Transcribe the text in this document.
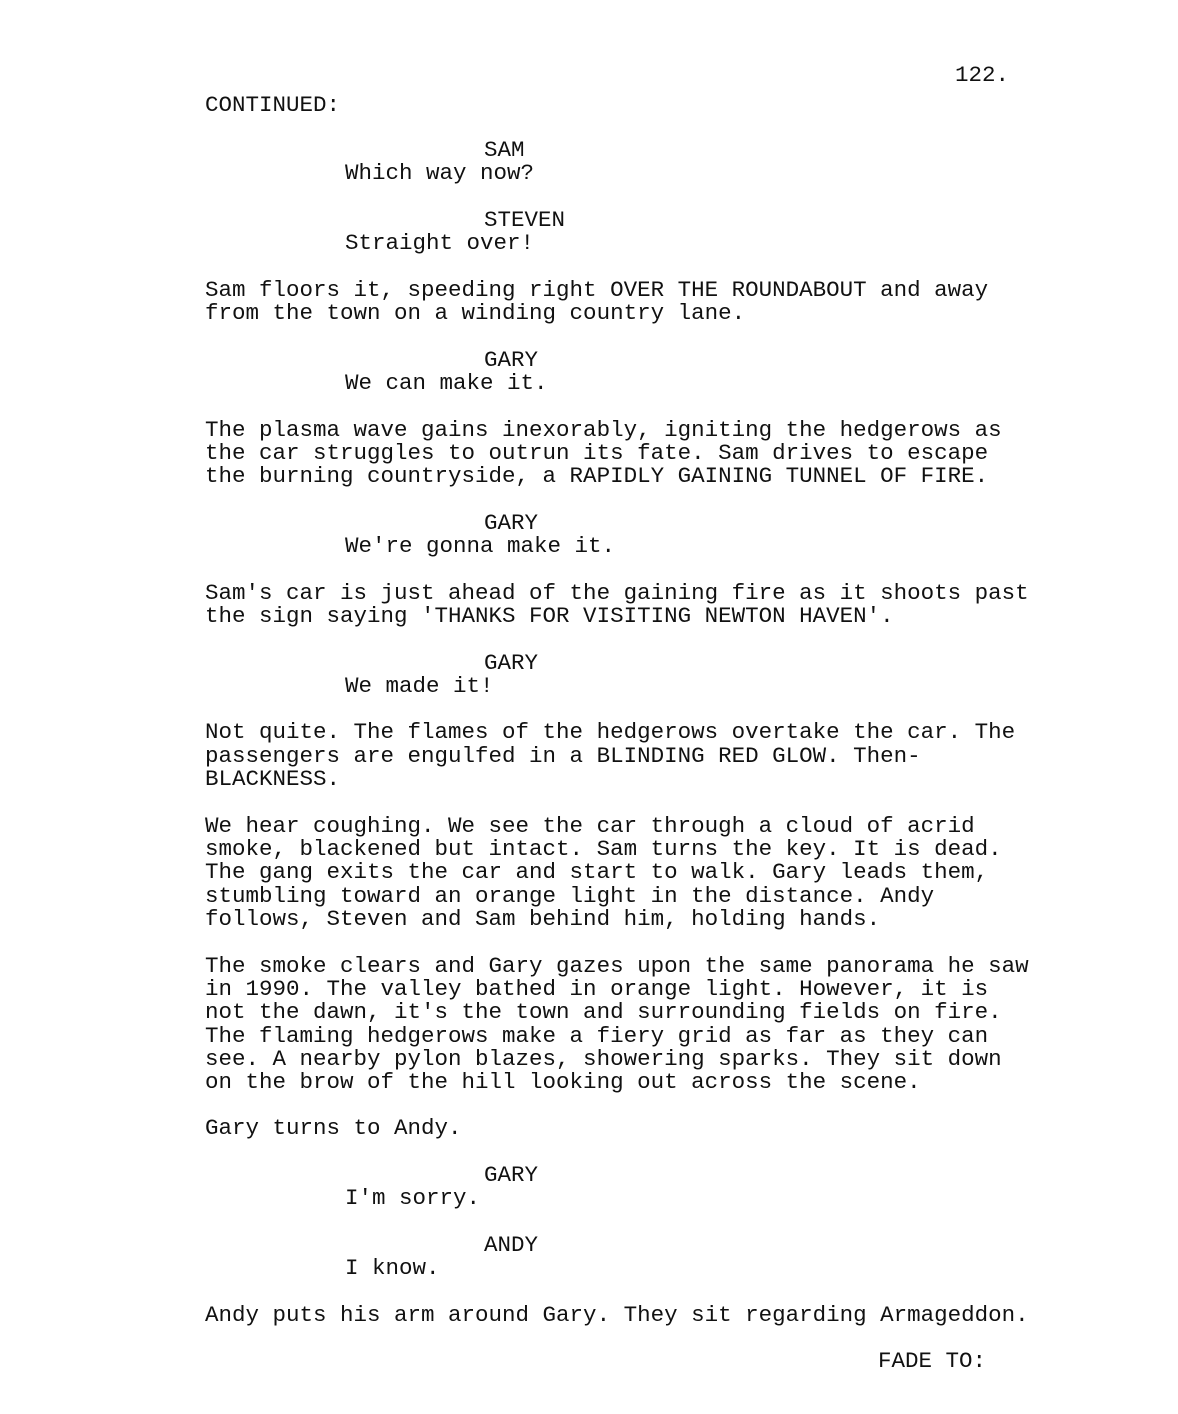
122.
CONTINUED:
SAM
Which way now?
STEVEN
Straight over!
Sam floors it, speeding right OVER THE ROUNDABOUT and away
from the town on a winding country lane.
GARY
We can make it.
The plasma wave gains inexorably, igniting the hedgerows as
the car struggles to outrun its fate. Sam drives to escape
the burning countryside, a RAPIDLY GAINING TUNNEL OF FIRE.
GARY
We're gonna make it.
Sam's car is just ahead of the gaining fire as it shoots past
the sign saying 'THANKS FOR VISITING NEWTON HAVEN'.
GARY
We made it!
Not quite. The flames of the hedgerows overtake the car. The
passengers are engulfed in a BLINDING RED GLOW. Then-
BLACKNESS.
We hear coughing. We see the car through a cloud of acrid
smoke, blackened but intact. Sam turns the key. It is dead.
The gang exits the car and start to walk. Gary leads them,
stumbling toward an orange light in the distance. Andy
follows, Steven and Sam behind him, holding hands.
The smoke clears and Gary gazes upon the same panorama he saw
in 1990. The valley bathed in orange light. However, it is
not the dawn, it's the town and surrounding fields on fire.
The flaming hedgerows make a fiery grid as far as they can
see. A nearby pylon blazes, showering sparks. They sit down
on the brow of the hill looking out across the scene.
Gary turns to Andy.
GARY
I'm sorry.
ANDY
I know.
Andy puts his arm around Gary. They sit regarding Armageddon.
FADE TO:
